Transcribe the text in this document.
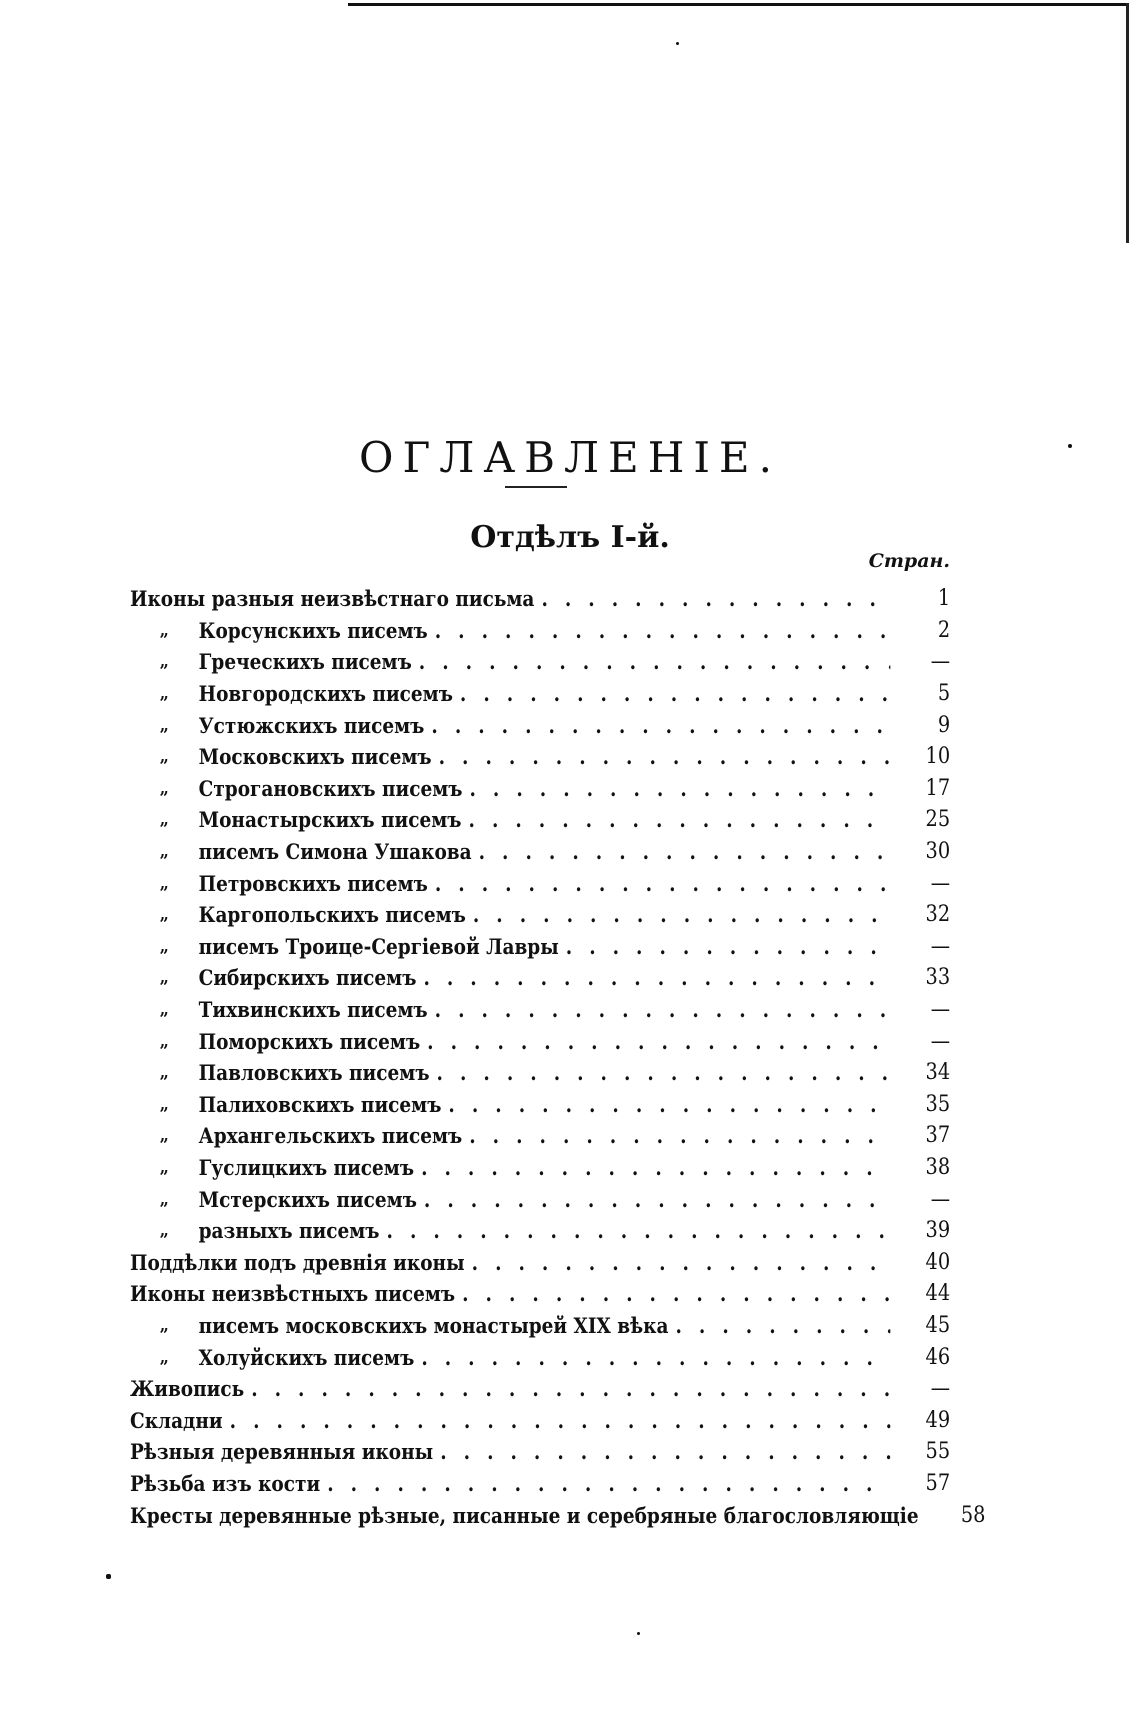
ОГЛАВЛЕНІЕ.
Отдѣлъ І-й.
Стран.
Иконы разныя неизвѣстнаго письма . . .	1
„	Корсунскихъ писемъ . . .	2
„	Греческихъ писемъ . . .	—
„	Новгородскихъ писемъ . . .	5
„	Устюжскихъ писемъ . . .	9
„	Московскихъ писемъ . . .	10
„	Строгановскихъ писемъ . . .	17
„	Монастырскихъ писемъ . . .	25
„	писемъ Симона Ушакова . . .	30
„	Петровскихъ писемъ . . .	—
„	Каргопольскихъ писемъ . . .	32
„	писемъ Троице-Сергіевой Лавры . . .	—
„	Сибирскихъ писемъ . . .	33
„	Тихвинскихъ писемъ . . .	—
„	Поморскихъ писемъ . . .	—
„	Павловскихъ писемъ . . .	34
„	Палиховскихъ писемъ . . .	35
„	Архангельскихъ писемъ . . .	37
„	Гуслицкихъ писемъ . . .	38
„	Мстерскихъ писемъ . . .	—
„	разныхъ писемъ . . .	39
Поддѣлки подъ древнія иконы . . .	40
Иконы неизвѣстныхъ писемъ . . .	44
„	писемъ московскихъ монастырей XIX вѣка . . .	45
„	Холуйскихъ писемъ . . .	46
Живопись . . .	—
Складни . . .	49
Рѣзныя деревянныя иконы . . .	55
Рѣзьба изъ кости . . .	57
Кресты деревянные рѣзные, писанные и серебряные благословляющіе	58
